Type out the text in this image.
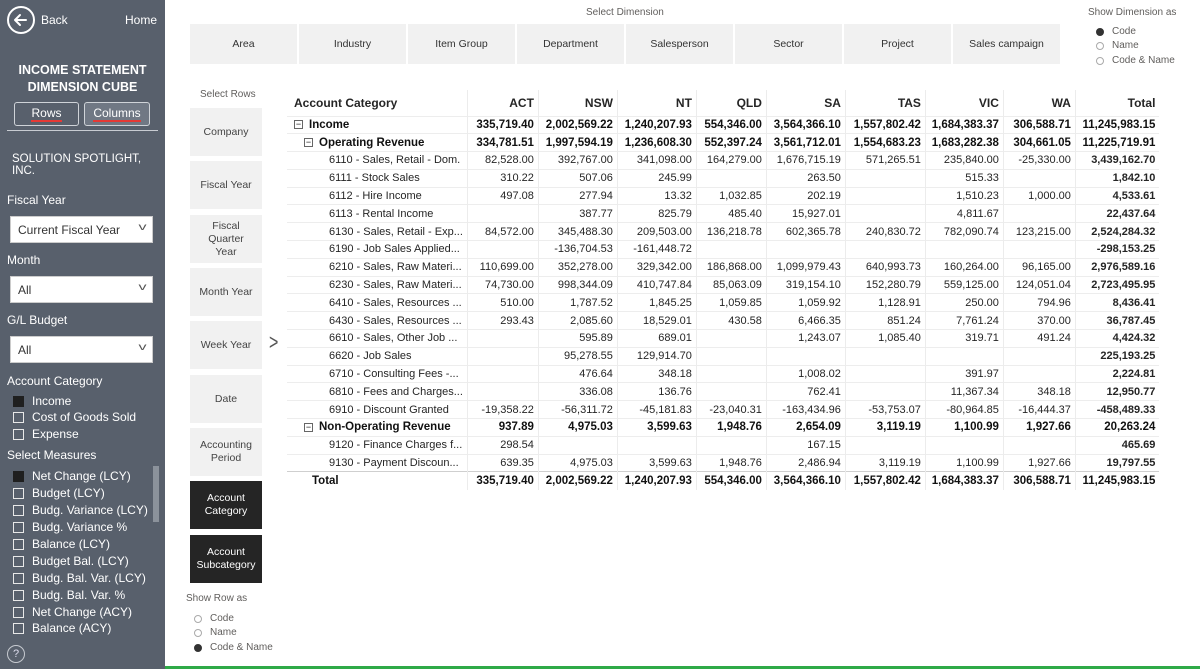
Back	Home
INCOME STATEMENT
DIMENSION CUBE
Rows	Columns
SOLUTION SPOTLIGHT, INC.
Fiscal Year
Current Fiscal Year v
Month
All	v
G/L Budget
All	v
Account Category
Income
Cost of Goods Sold
Expense
Select Measures
Net Change (LCY)
Budget (LCY)
Budg. Variance (LCY)
Budg. Variance %
Balance (LCY)
Budget Bal. (LCY)
Budg. Bal. Var. (LCY)
Budg. Bal. Var. %
Net Change (ACY)
Balance (ACY)
?
Select Dimension
Area	Industry	Item Group	Department	Salesperson	Sector	Project	Sales campaign
Show Dimension as
Code
Name
Code & Name
Select Rows
Company
Fiscal Year
Fiscal Quarter Year
Month Year
Week Year
Date
Accounting Period
Account Category
Account Subcategory
>
Show Row as
Code
Name
Code & Name
Account Category	ACT	NSW	NT	QLD	SA	TAS	VIC	WA	Total
− Income	335,719.40	2,002,569.22	1,240,207.93	554,346.00	3,564,366.10	1,557,802.42	1,684,383.37	306,588.71	11,245,983.15
− Operating Revenue	334,781.51	1,997,594.19	1,236,608.30	552,397.24	3,561,712.01	1,554,683.23	1,683,282.38	304,661.05	11,225,719.91
6110 - Sales, Retail - Dom.	82,528.00	392,767.00	341,098.00	164,279.00	1,676,715.19	571,265.51	235,840.00	-25,330.00	3,439,162.70
6111 - Stock Sales	310.22	507.06	245.99		263.50		515.33		1,842.10
6112 - Hire Income	497.08	277.94	13.32	1,032.85	202.19		1,510.23	1,000.00	4,533.61
6113 - Rental Income		387.77	825.79	485.40	15,927.01		4,811.67		22,437.64
6130 - Sales, Retail - Exp...	84,572.00	345,488.30	209,503.00	136,218.78	602,365.78	240,830.72	782,090.74	123,215.00	2,524,284.32
6190 - Job Sales Applied...		-136,704.53	-161,448.72						-298,153.25
6210 - Sales, Raw Materi...	110,699.00	352,278.00	329,342.00	186,868.00	1,099,979.43	640,993.73	160,264.00	96,165.00	2,976,589.16
6230 - Sales, Raw Materi...	74,730.00	998,344.09	410,747.84	85,063.09	319,154.10	152,280.79	559,125.00	124,051.04	2,723,495.95
6410 - Sales, Resources ...	510.00	1,787.52	1,845.25	1,059.85	1,059.92	1,128.91	250.00	794.96	8,436.41
6430 - Sales, Resources ...	293.43	2,085.60	18,529.01	430.58	6,466.35	851.24	7,761.24	370.00	36,787.45
6610 - Sales, Other Job ...		595.89	689.01		1,243.07	1,085.40	319.71	491.24	4,424.32
6620 - Job Sales		95,278.55	129,914.70						225,193.25
6710 - Consulting Fees -...		476.64	348.18		1,008.02		391.97		2,224.81
6810 - Fees and Charges...		336.08	136.76		762.41		11,367.34	348.18	12,950.77
6910 - Discount Granted	-19,358.22	-56,311.72	-45,181.83	-23,040.31	-163,434.96	-53,753.07	-80,964.85	-16,444.37	-458,489.33
− Non-Operating Revenue	937.89	4,975.03	3,599.63	1,948.76	2,654.09	3,119.19	1,100.99	1,927.66	20,263.24
9120 - Finance Charges f...	298.54				167.15				465.69
9130 - Payment Discoun...	639.35	4,975.03	3,599.63	1,948.76	2,486.94	3,119.19	1,100.99	1,927.66	19,797.55
Total	335,719.40	2,002,569.22	1,240,207.93	554,346.00	3,564,366.10	1,557,802.42	1,684,383.37	306,588.71	11,245,983.15
